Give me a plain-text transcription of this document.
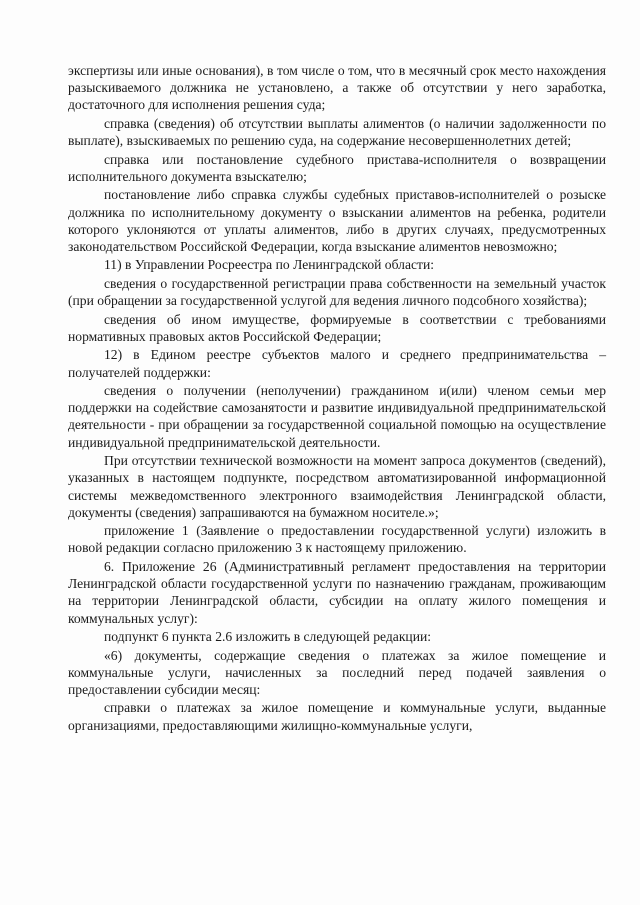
экспертизы или иные основания), в том числе о том, что в месячный срок место нахождения разыскиваемого должника не установлено, а также об отсутствии у него заработка, достаточного для исполнения решения суда;

справка (сведения) об отсутствии выплаты алиментов (о наличии задолженности по выплате), взыскиваемых по решению суда, на содержание несовершеннолетних детей;

справка или постановление судебного пристава-исполнителя о возвращении исполнительного документа взыскателю;

постановление либо справка службы судебных приставов-исполнителей о розыске должника по исполнительному документу о взыскании алиментов на ребенка, родители которого уклоняются от уплаты алиментов, либо в других случаях, предусмотренных законодательством Российской Федерации, когда взыскание алиментов невозможно;

11) в Управлении Росреестра по Ленинградской области:

сведения о государственной регистрации права собственности на земельный участок (при обращении за государственной услугой для ведения личного подсобного хозяйства);

сведения об ином имуществе, формируемые в соответствии с требованиями нормативных правовых актов Российской Федерации;

12) в Едином реестре субъектов малого и среднего предпринимательства – получателей поддержки:

сведения о получении (неполучении) гражданином и(или) членом семьи мер поддержки на содействие самозанятости и развитие индивидуальной предпринимательской деятельности - при обращении за государственной социальной помощью на осуществление индивидуальной предпринимательской деятельности.

При отсутствии технической возможности на момент запроса документов (сведений), указанных в настоящем подпункте, посредством автоматизированной информационной системы межведомственного электронного взаимодействия Ленинградской области, документы (сведения) запрашиваются на бумажном носителе.»;

приложение 1 (Заявление о предоставлении государственной услуги) изложить в новой редакции согласно приложению 3 к настоящему приложению.

6. Приложение 26 (Административный регламент предоставления на территории Ленинградской области государственной услуги по назначению гражданам, проживающим на территории Ленинградской области, субсидии на оплату жилого помещения и коммунальных услуг):

подпункт 6 пункта 2.6 изложить в следующей редакции:

«6) документы, содержащие сведения о платежах за жилое помещение и коммунальные услуги, начисленных за последний перед подачей заявления о предоставлении субсидии месяц:

справки о платежах за жилое помещение и коммунальные услуги, выданные организациями, предоставляющими жилищно-коммунальные услуги,
